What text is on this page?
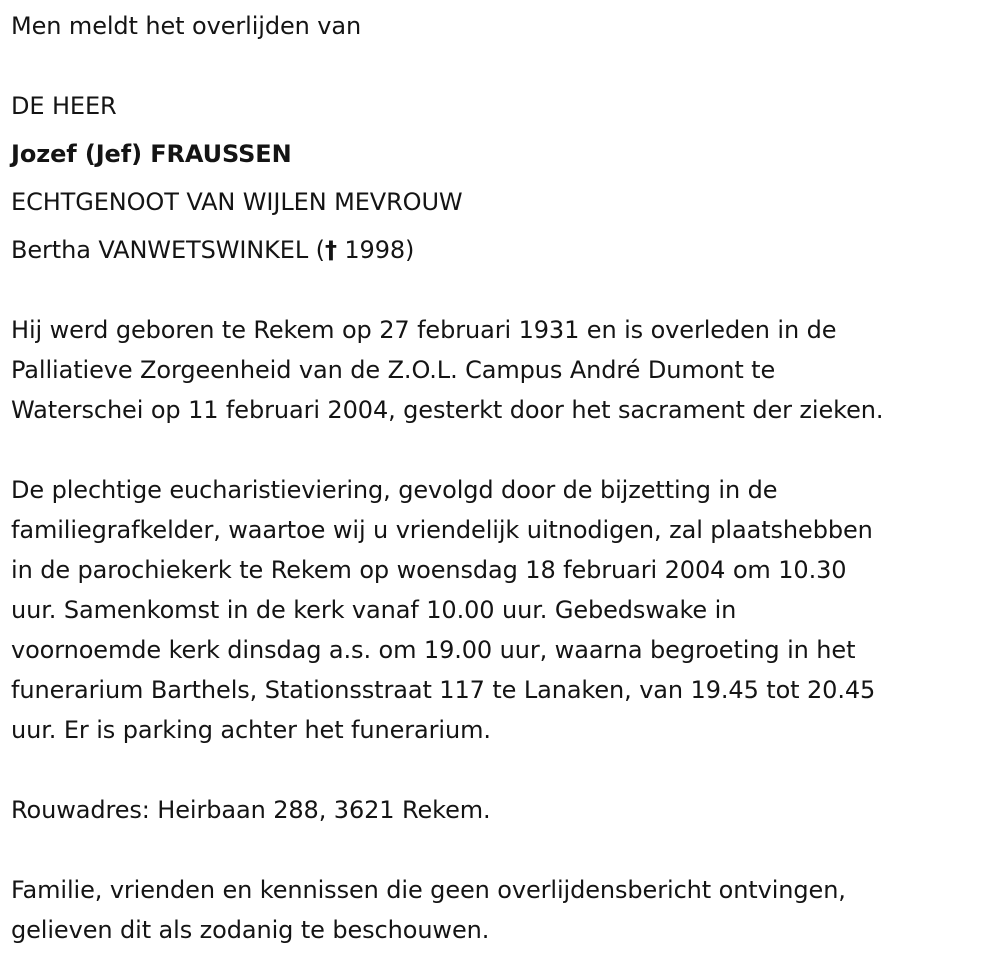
Men meldt het overlijden van
DE HEER
Jozef (Jef) FRAUSSEN
ECHTGENOOT VAN WIJLEN MEVROUW
Bertha VANWETSWINKEL († 1998)
Hij werd geboren te Rekem op 27 februari 1931 en is overleden in de
Palliatieve Zorgeenheid van de Z.O.L. Campus André Dumont te
Waterschei op 11 februari 2004, gesterkt door het sacrament der zieken.
De plechtige eucharistieviering, gevolgd door de bijzetting in de
familiegrafkelder, waartoe wij u vriendelijk uitnodigen, zal plaatshebben
in de parochiekerk te Rekem op woensdag 18 februari 2004 om 10.30
uur. Samenkomst in de kerk vanaf 10.00 uur. Gebedswake in
voornoemde kerk dinsdag a.s. om 19.00 uur, waarna begroeting in het
funerarium Barthels, Stationsstraat 117 te Lanaken, van 19.45 tot 20.45
uur. Er is parking achter het funerarium.
Rouwadres: Heirbaan 288, 3621 Rekem.
Familie, vrienden en kennissen die geen overlijdensbericht ontvingen,
gelieven dit als zodanig te beschouwen.
